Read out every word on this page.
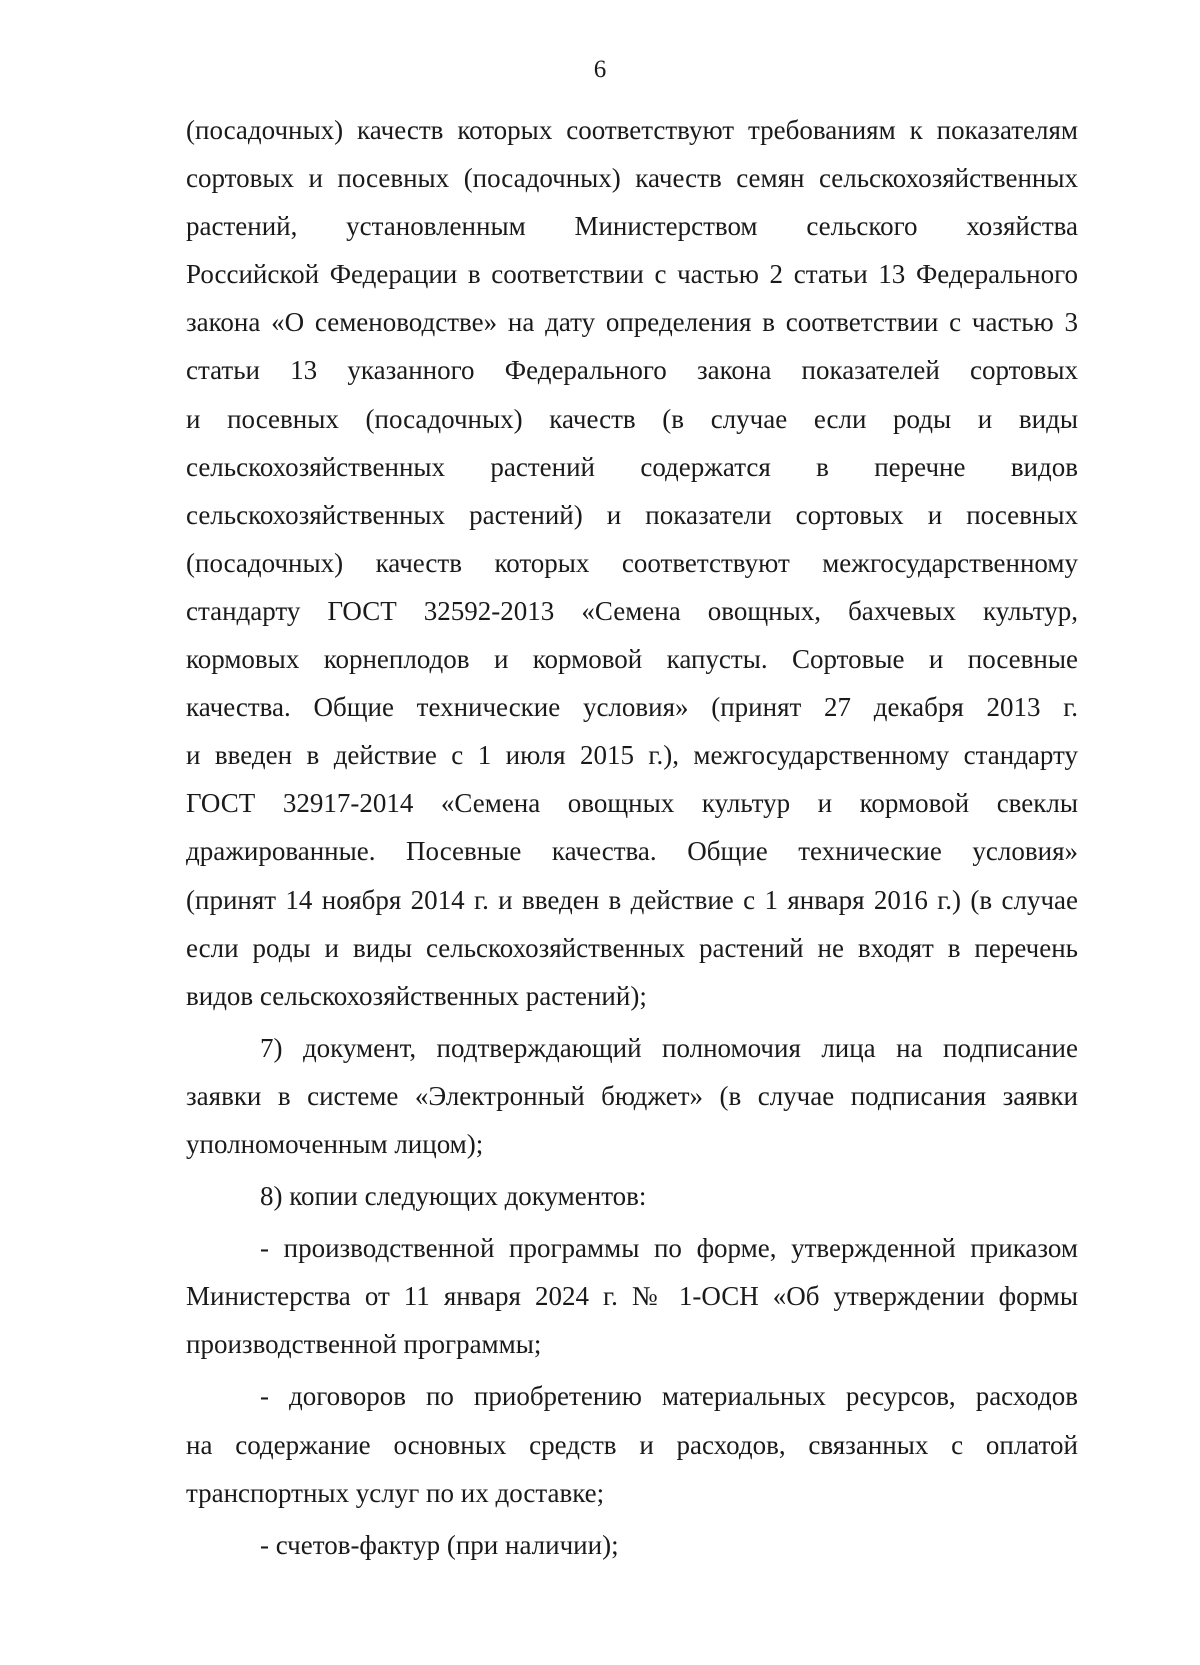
6
(посадочных) качеств которых соответствуют требованиям к показателям
сортовых и посевных (посадочных) качеств семян сельскохозяйственных
растений, установленным Министерством сельского хозяйства
Российской Федерации в соответствии с частью 2 статьи 13 Федерального
закона «О семеноводстве» на дату определения в соответствии с частью 3
статьи 13 указанного Федерального закона показателей сортовых
и посевных (посадочных) качеств (в случае если роды и виды
сельскохозяйственных растений содержатся в перечне видов
сельскохозяйственных растений) и показатели сортовых и посевных
(посадочных) качеств которых соответствуют межгосударственному
стандарту ГОСТ 32592-2013 «Семена овощных, бахчевых культур,
кормовых корнеплодов и кормовой капусты. Сортовые и посевные
качества. Общие технические условия» (принят 27 декабря 2013 г.
и введен в действие с 1 июля 2015 г.), межгосударственному стандарту
ГОСТ 32917-2014 «Семена овощных культур и кормовой свеклы
дражированные. Посевные качества. Общие технические условия»
(принят 14 ноября 2014 г. и введен в действие с 1 января 2016 г.) (в случае
если роды и виды сельскохозяйственных растений не входят в перечень
видов сельскохозяйственных растений);
7) документ, подтверждающий полномочия лица на подписание
заявки в системе «Электронный бюджет» (в случае подписания заявки
уполномоченным лицом);
8) копии следующих документов:
- производственной программы по форме, утвержденной приказом
Министерства от 11 января 2024 г. № 1-ОСН «Об утверждении формы
производственной программы;
- договоров по приобретению материальных ресурсов, расходов
на содержание основных средств и расходов, связанных с оплатой
транспортных услуг по их доставке;
- счетов-фактур (при наличии);
